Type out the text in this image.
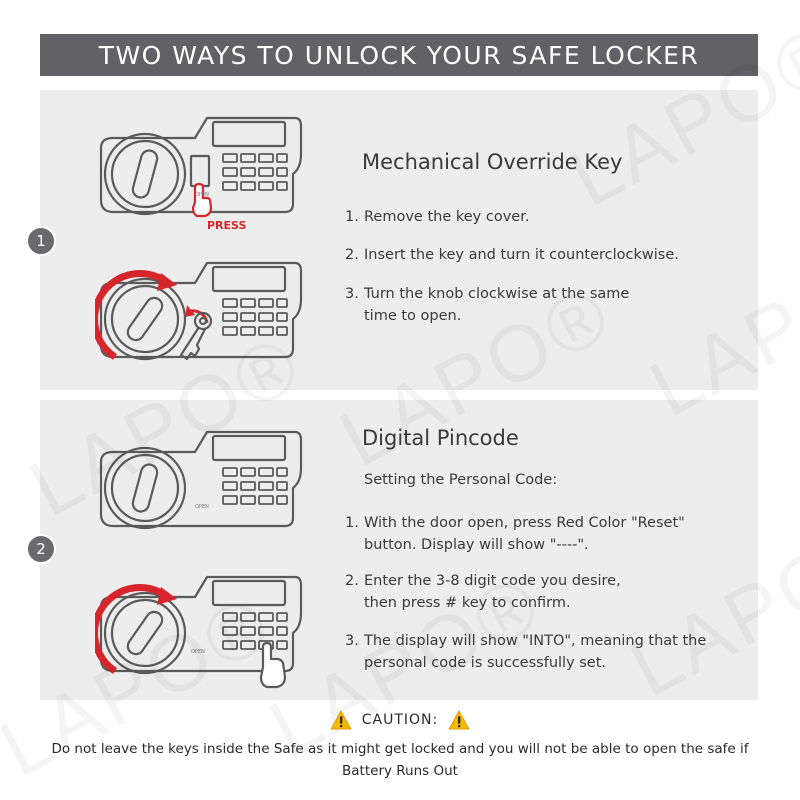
TWO WAYS TO UNLOCK YOUR SAFE LOCKER
1
OPEN
PRESS
Mechanical Override Key
1. Remove the key cover.
2. Insert the key and turn it counterclockwise.
3. Turn the knob clockwise at the same time to open.
2
OPEN
OPEN
Digital Pincode
Setting the Personal Code:
1. With the door open, press Red Color "Reset" button. Display will show "----".
2. Enter the 3-8 digit code you desire, then press # key to confirm.
3. The display will show "INTO", meaning that the personal code is successfully set.
CAUTION:
Do not leave the keys inside the Safe as it might get locked and you will not be able to open the safe if Battery Runs Out
